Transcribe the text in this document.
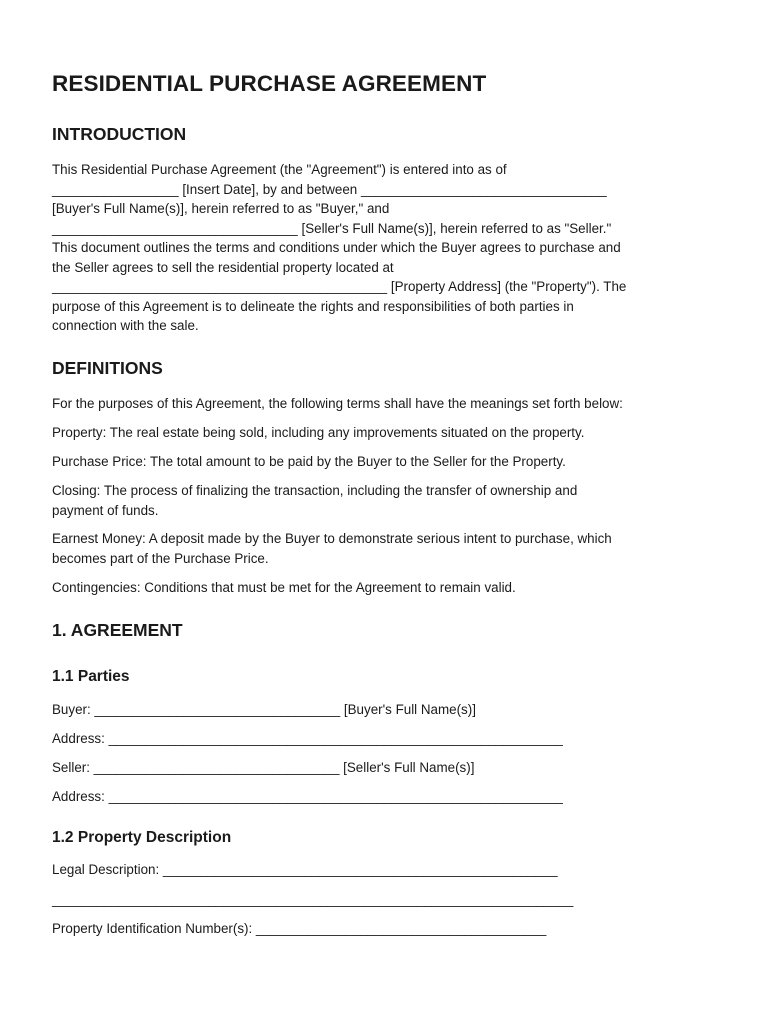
RESIDENTIAL PURCHASE AGREEMENT
INTRODUCTION
This Residential Purchase Agreement (the "Agreement") is entered into as of
_________________ [Insert Date], by and between _________________________________
[Buyer's Full Name(s)], herein referred to as "Buyer," and
_________________________________ [Seller's Full Name(s)], herein referred to as "Seller."
This document outlines the terms and conditions under which the Buyer agrees to purchase and
the Seller agrees to sell the residential property located at
_____________________________________________ [Property Address] (the "Property"). The
purpose of this Agreement is to delineate the rights and responsibilities of both parties in
connection with the sale.
DEFINITIONS

For the purposes of this Agreement, the following terms shall have the meanings set forth below:

Property: The real estate being sold, including any improvements situated on the property.

Purchase Price: The total amount to be paid by the Buyer to the Seller for the Property.

Closing: The process of finalizing the transaction, including the transfer of ownership and
payment of funds.
Earnest Money: A deposit made by the Buyer to demonstrate serious intent to purchase, which
becomes part of the Purchase Price.

Contingencies: Conditions that must be met for the Agreement to remain valid.

1. AGREEMENT
1.1 Parties

Buyer: _________________________________ [Buyer's Full Name(s)]

Address: _____________________________________________________________

Seller: _________________________________ [Seller's Full Name(s)]

Address: _____________________________________________________________

1.2 Property Description

Legal Description: _____________________________________________________

______________________________________________________________________

Property Identification Number(s): _______________________________________
